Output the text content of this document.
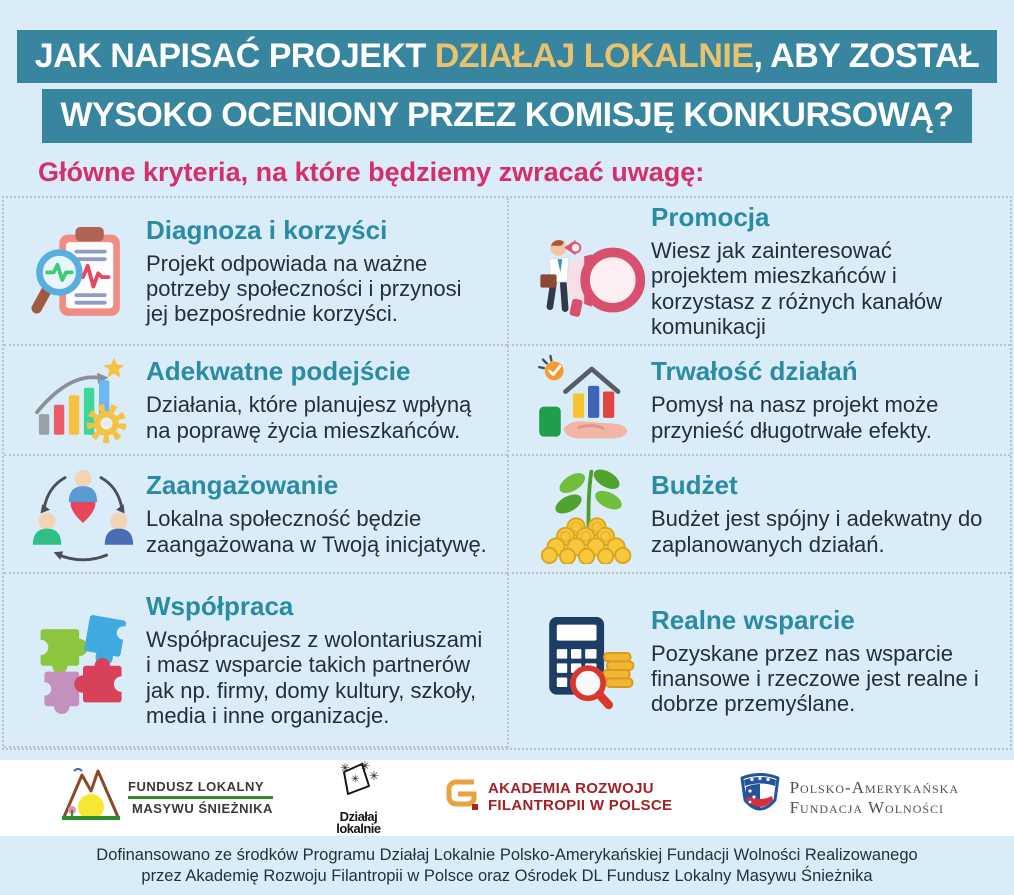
JAK NAPISAĆ PROJEKT DZIAŁAJ LOKALNIE, ABY ZOSTAŁ
WYSOKO OCENIONY PRZEZ KOMISJĘ KONKURSOWĄ?
Główne kryteria, na które będziemy zwracać uwagę:
Diagnoza i korzyści
Projekt odpowiada na ważne potrzeby społeczności i przynosi jej bezpośrednie korzyści.
Promocja
Wiesz jak zainteresować projektem mieszkańców i korzystasz z różnych kanałów komunikacji
Adekwatne podejście
Działania, które planujesz wpłyną na poprawę życia mieszkańców.
Trwałość działań
Pomysł na nasz projekt może przynieść długotrwałe efekty.
Zaangażowanie
Lokalna społeczność będzie zaangażowana w Twoją inicjatywę.
Budżet
Budżet jest spójny i adekwatny do zaplanowanych działań.
Współpraca
Współpracujesz z wolontariuszami i masz wsparcie takich partnerów jak np. firmy, domy kultury, szkoły, media i inne organizacje.
Realne wsparcie
Pozyskane przez nas wsparcie finansowe i rzeczowe jest realne i dobrze przemyślane.
FUNDUSZ LOKALNY
MASYWU ŚNIEŻNIKA
✳ ✳
✳
✳
Działaj
lokalnie
AKADEMIA ROZWOJU
FILANTROPII W POLSCE
Polsko-Amerykańska
Fundacja Wolności
Dofinansowano ze środków Programu Działaj Lokalnie Polsko-Amerykańskiej Fundacji Wolności Realizowanego
przez Akademię Rozwoju Filantropii w Polsce oraz Ośrodek DL Fundusz Lokalny Masywu Śnieżnika
